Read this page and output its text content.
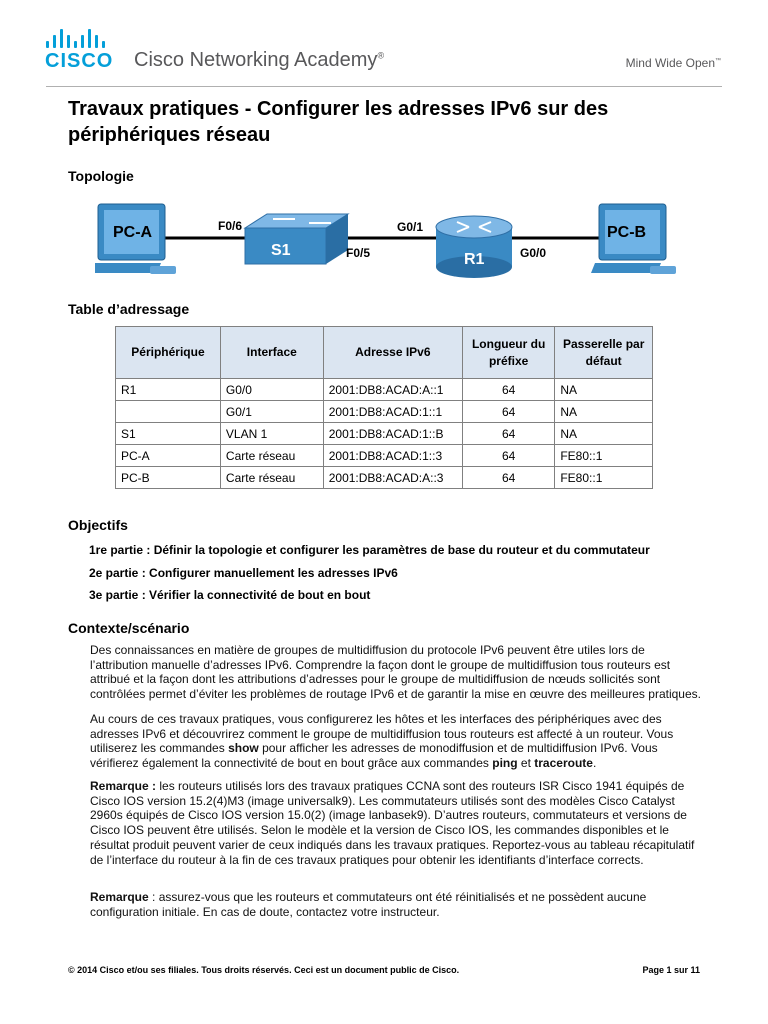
CISCO Cisco Networking Academy®
Mind Wide Open™
Travaux pratiques - Configurer les adresses IPv6 sur des périphériques réseau
Topologie
PC-A
S1
R1
PC-B
F0/6
F0/5
G0/1
G0/0
Table d’adressage
Périphérique	Interface	Adresse IPv6	Longueur du préfixe	Passerelle par défaut
R1	G0/0	2001:DB8:ACAD:A::1	64	NA
	G0/1	2001:DB8:ACAD:1::1	64	NA
S1	VLAN 1	2001:DB8:ACAD:1::B	64	NA
PC-A	Carte réseau	2001:DB8:ACAD:1::3	64	FE80::1
PC-B	Carte réseau	2001:DB8:ACAD:A::3	64	FE80::1
Objectifs
1re partie : Définir la topologie et configurer les paramètres de base du routeur et du commutateur
2e partie : Configurer manuellement les adresses IPv6
3e partie : Vérifier la connectivité de bout en bout
Contexte/scénario

Des connaissances en matière de groupes de multidiffusion du protocole IPv6 peuvent être utiles lors de l’attribution manuelle d’adresses IPv6. Comprendre la façon dont le groupe de multidiffusion tous routeurs est attribué et la façon dont les attributions d’adresses pour le groupe de multidiffusion de nœuds sollicités sont contrôlées permet d’éviter les problèmes de routage IPv6 et de garantir la mise en œuvre des meilleures pratiques.

Au cours de ces travaux pratiques, vous configurerez les hôtes et les interfaces des périphériques avec des adresses IPv6 et découvrirez comment le groupe de multidiffusion tous routeurs est affecté à un routeur. Vous utiliserez les commandes show pour afficher les adresses de monodiffusion et de multidiffusion IPv6. Vous vérifierez également la connectivité de bout en bout grâce aux commandes ping et traceroute.

Remarque : les routeurs utilisés lors des travaux pratiques CCNA sont des routeurs ISR Cisco 1941 équipés de Cisco IOS version 15.2(4)M3 (image universalk9). Les commutateurs utilisés sont des modèles Cisco Catalyst 2960s équipés de Cisco IOS version 15.0(2) (image lanbasek9). D’autres routeurs, commutateurs et versions de Cisco IOS peuvent être utilisés. Selon le modèle et la version de Cisco IOS, les commandes disponibles et le résultat produit peuvent varier de ceux indiqués dans les travaux pratiques. Reportez-vous au tableau récapitulatif de l’interface du routeur à la fin de ces travaux pratiques pour obtenir les identifiants d’interface corrects.

Remarque : assurez-vous que les routeurs et commutateurs ont été réinitialisés et ne possèdent aucune configuration initiale. En cas de doute, contactez votre instructeur.

© 2014 Cisco et/ou ses filiales. Tous droits réservés. Ceci est un document public de Cisco.	Page 1 sur 11
